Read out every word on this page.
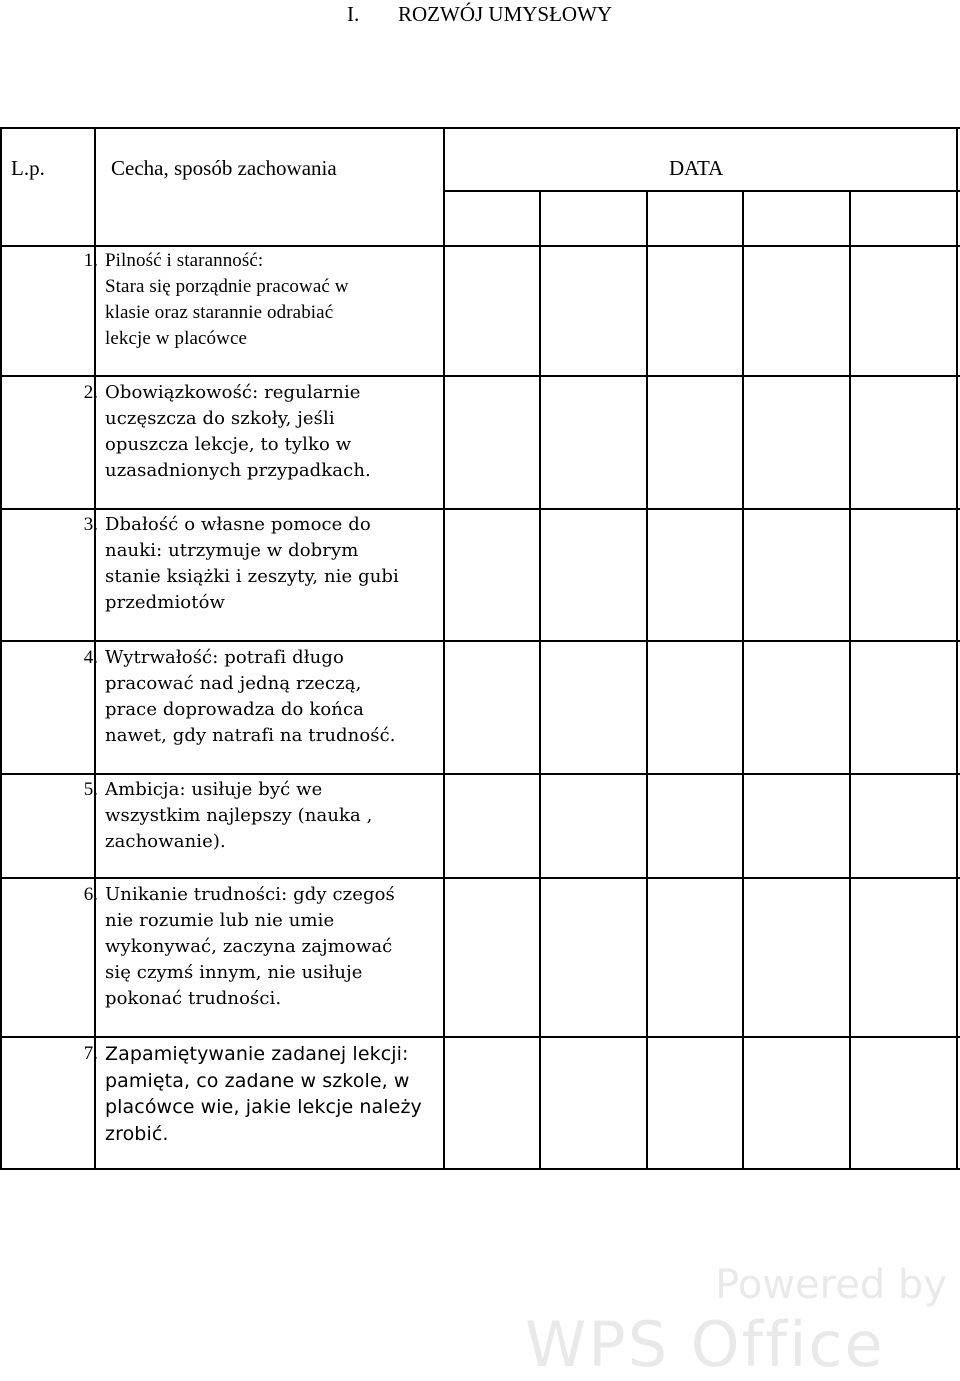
I. ROZWÓJ UMYSŁOWY
L.p.	Cecha, sposób zachowania	DATA
1. Pilność i staranność:
Stara się porządnie pracować w
klasie oraz starannie odrabiać
lekcje w placówce
2. Obowiązkowość: regularnie
uczęszcza do szkoły, jeśli
opuszcza lekcje, to tylko w
uzasadnionych przypadkach.
3. Dbałość o własne pomoce do
nauki: utrzymuje w dobrym
stanie książki i zeszyty, nie gubi
przedmiotów
4. Wytrwałość: potrafi długo
pracować nad jedną rzeczą,
prace doprowadza do końca
nawet, gdy natrafi na trudność.
5. Ambicja: usiłuje być we
wszystkim najlepszy (nauka ,
zachowanie).
6. Unikanie trudności: gdy czegoś
nie rozumie lub nie umie
wykonywać, zaczyna zajmować
się czymś innym, nie usiłuje
pokonać trudności.
7. Zapamiętywanie zadanej lekcji:
pamięta, co zadane w szkole, w
placówce wie, jakie lekcje należy
zrobić.
Powered by
WPS Office
